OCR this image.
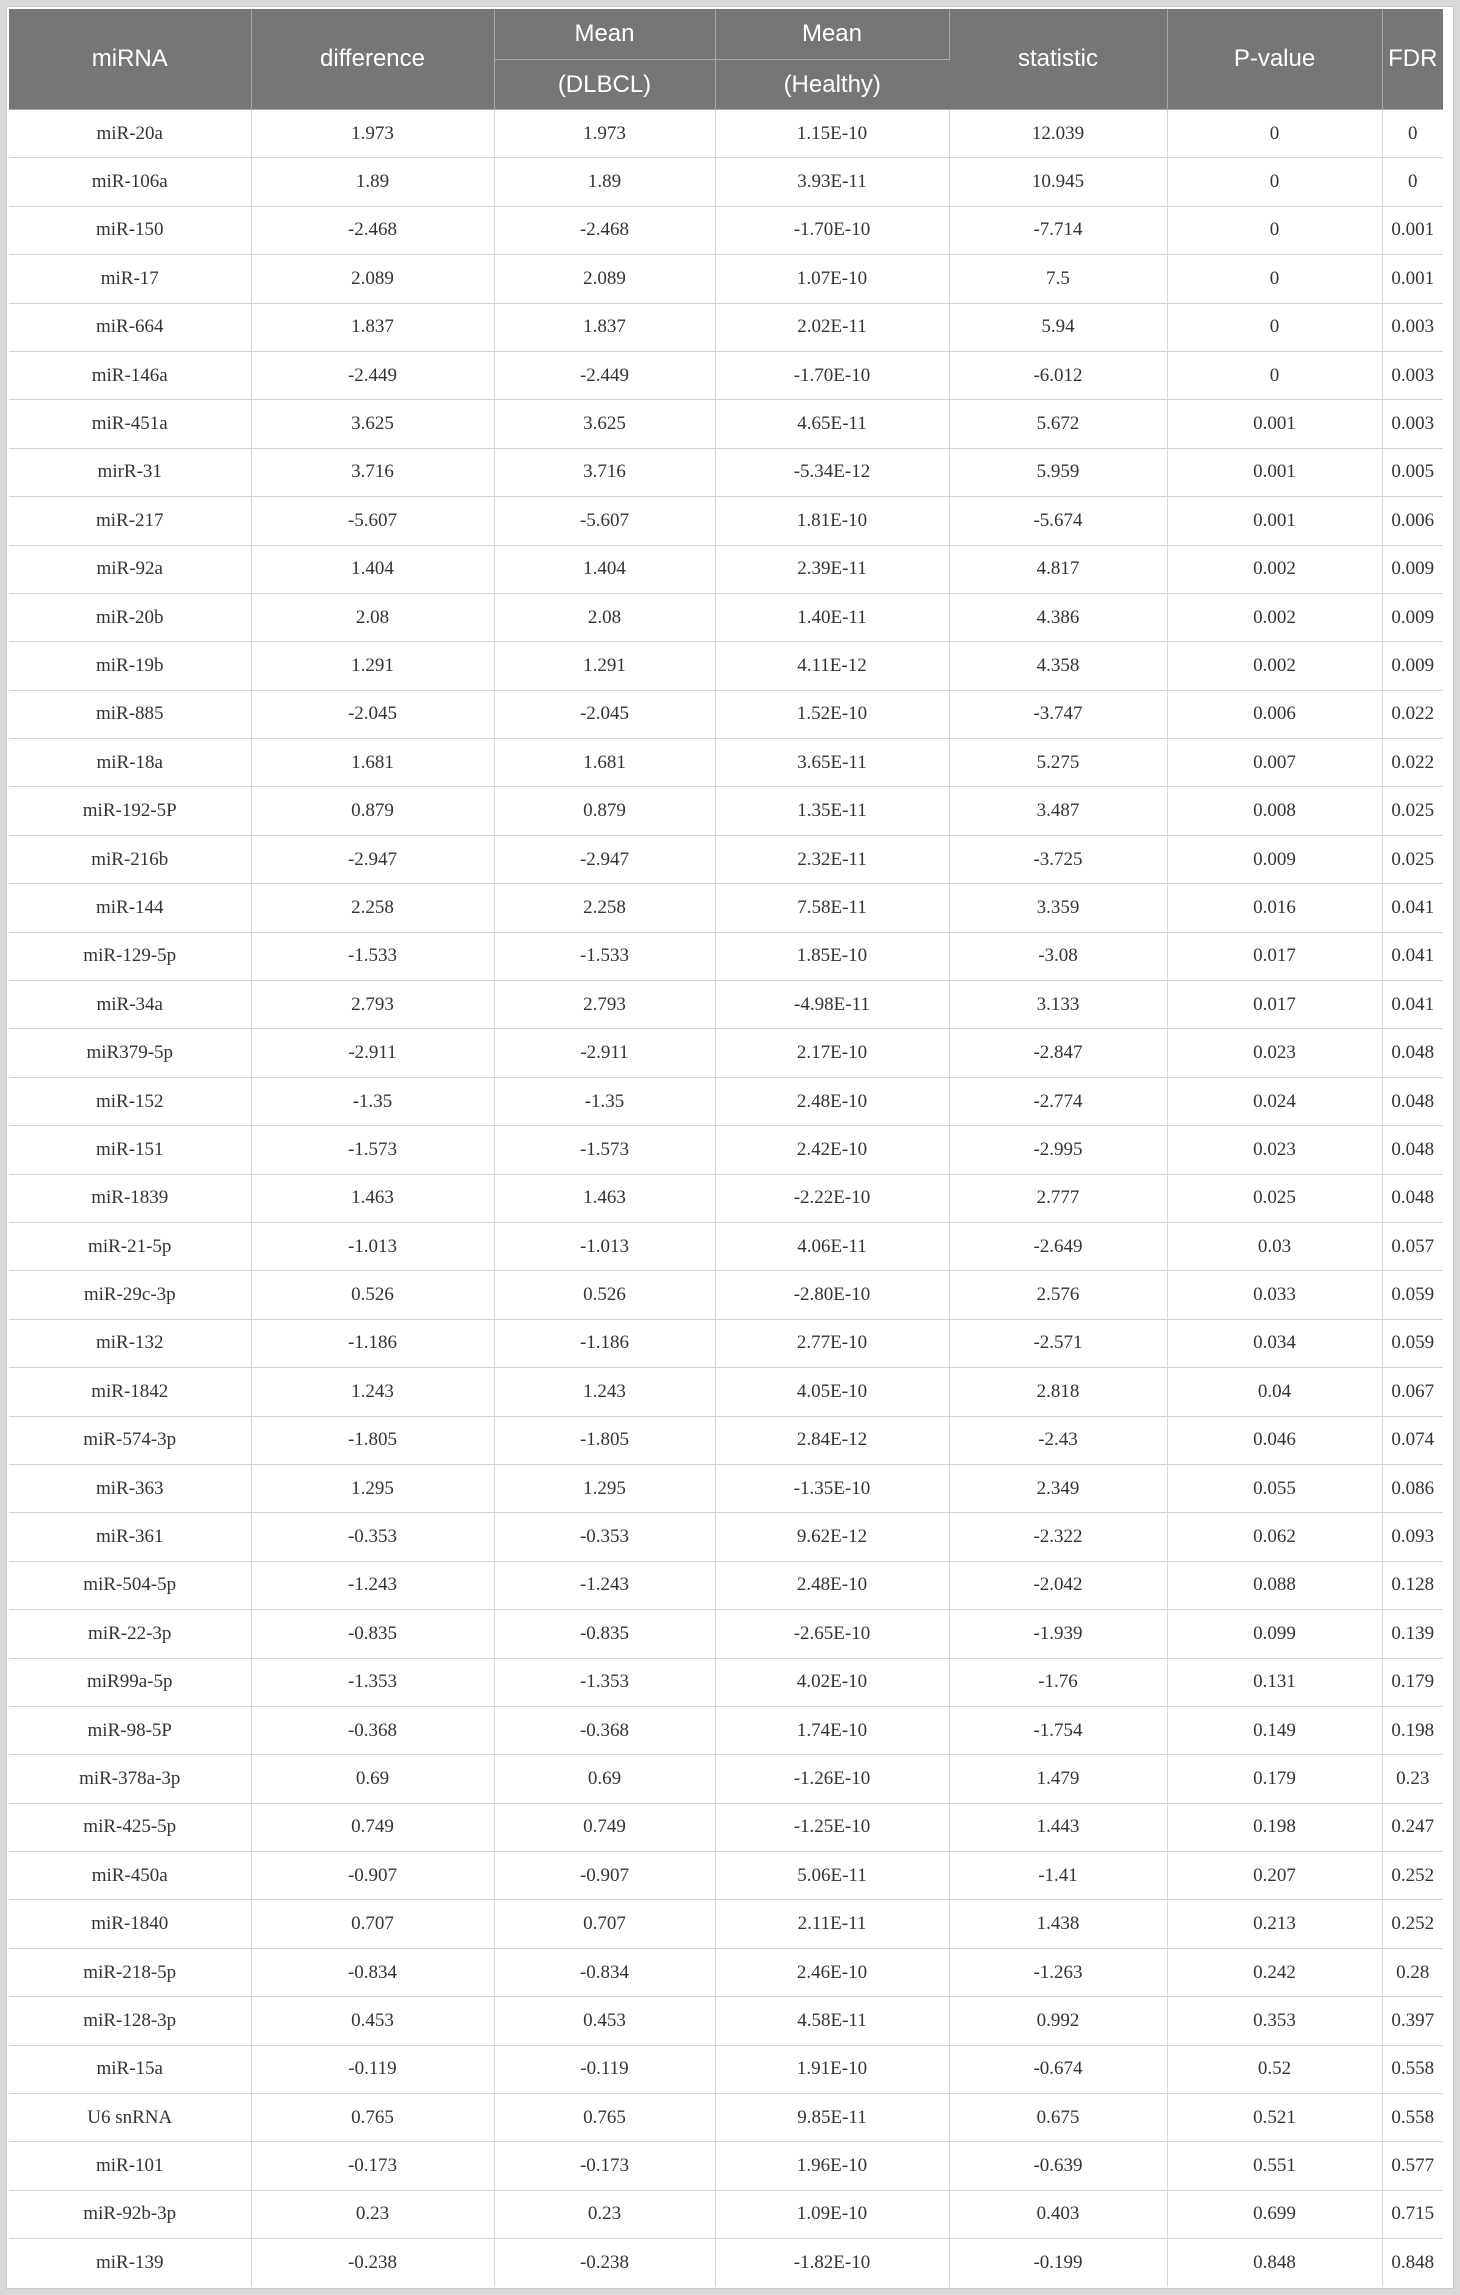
miRNA	difference	Mean	Mean	statistic	P-value	FDR
		(DLBCL)	(Healthy)			
miR-20a	1.973	1.973	1.15E-10	12.039	0	0
miR-106a	1.89	1.89	3.93E-11	10.945	0	0
miR-150	-2.468	-2.468	-1.70E-10	-7.714	0	0.001
miR-17	2.089	2.089	1.07E-10	7.5	0	0.001
miR-664	1.837	1.837	2.02E-11	5.94	0	0.003
miR-146a	-2.449	-2.449	-1.70E-10	-6.012	0	0.003
miR-451a	3.625	3.625	4.65E-11	5.672	0.001	0.003
mirR-31	3.716	3.716	-5.34E-12	5.959	0.001	0.005
miR-217	-5.607	-5.607	1.81E-10	-5.674	0.001	0.006
miR-92a	1.404	1.404	2.39E-11	4.817	0.002	0.009
miR-20b	2.08	2.08	1.40E-11	4.386	0.002	0.009
miR-19b	1.291	1.291	4.11E-12	4.358	0.002	0.009
miR-885	-2.045	-2.045	1.52E-10	-3.747	0.006	0.022
miR-18a	1.681	1.681	3.65E-11	5.275	0.007	0.022
miR-192-5P	0.879	0.879	1.35E-11	3.487	0.008	0.025
miR-216b	-2.947	-2.947	2.32E-11	-3.725	0.009	0.025
miR-144	2.258	2.258	7.58E-11	3.359	0.016	0.041
miR-129-5p	-1.533	-1.533	1.85E-10	-3.08	0.017	0.041
miR-34a	2.793	2.793	-4.98E-11	3.133	0.017	0.041
miR379-5p	-2.911	-2.911	2.17E-10	-2.847	0.023	0.048
miR-152	-1.35	-1.35	2.48E-10	-2.774	0.024	0.048
miR-151	-1.573	-1.573	2.42E-10	-2.995	0.023	0.048
miR-1839	1.463	1.463	-2.22E-10	2.777	0.025	0.048
miR-21-5p	-1.013	-1.013	4.06E-11	-2.649	0.03	0.057
miR-29c-3p	0.526	0.526	-2.80E-10	2.576	0.033	0.059
miR-132	-1.186	-1.186	2.77E-10	-2.571	0.034	0.059
miR-1842	1.243	1.243	4.05E-10	2.818	0.04	0.067
miR-574-3p	-1.805	-1.805	2.84E-12	-2.43	0.046	0.074
miR-363	1.295	1.295	-1.35E-10	2.349	0.055	0.086
miR-361	-0.353	-0.353	9.62E-12	-2.322	0.062	0.093
miR-504-5p	-1.243	-1.243	2.48E-10	-2.042	0.088	0.128
miR-22-3p	-0.835	-0.835	-2.65E-10	-1.939	0.099	0.139
miR99a-5p	-1.353	-1.353	4.02E-10	-1.76	0.131	0.179
miR-98-5P	-0.368	-0.368	1.74E-10	-1.754	0.149	0.198
miR-378a-3p	0.69	0.69	-1.26E-10	1.479	0.179	0.23
miR-425-5p	0.749	0.749	-1.25E-10	1.443	0.198	0.247
miR-450a	-0.907	-0.907	5.06E-11	-1.41	0.207	0.252
miR-1840	0.707	0.707	2.11E-11	1.438	0.213	0.252
miR-218-5p	-0.834	-0.834	2.46E-10	-1.263	0.242	0.28
miR-128-3p	0.453	0.453	4.58E-11	0.992	0.353	0.397
miR-15a	-0.119	-0.119	1.91E-10	-0.674	0.52	0.558
U6 snRNA	0.765	0.765	9.85E-11	0.675	0.521	0.558
miR-101	-0.173	-0.173	1.96E-10	-0.639	0.551	0.577
miR-92b-3p	0.23	0.23	1.09E-10	0.403	0.699	0.715
miR-139	-0.238	-0.238	-1.82E-10	-0.199	0.848	0.848
